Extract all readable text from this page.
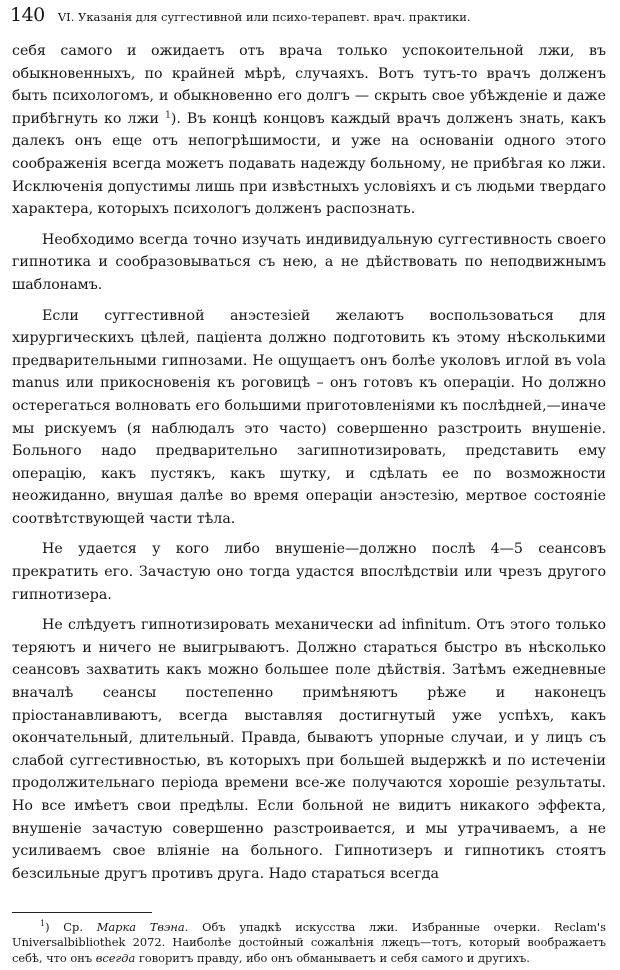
140 VI. Указанія для суггестивной или психо-терапевт. врач. практики.

себя самого и ожидаетъ отъ врача только успокоительной лжи, въ обыкновенныхъ, по крайней мѣрѣ, случаяхъ. Вотъ тутъ-то врачъ долженъ быть психологомъ, и обыкновенно его долгъ — скрыть свое убѣжденіе и даже прибѣгнуть ко лжи $^1$). Въ концѣ концовъ каждый врачъ долженъ знать, какъ далекъ онъ еще отъ непогрѣшимости, и уже на основаніи одного этого соображенія всегда можетъ подавать надежду больному, не прибѣгая ко лжи. Исключенія допустимы лишь при извѣстныхъ условіяхъ и съ людьми твердаго характера, которыхъ психологъ долженъ распознать.

Необходимо всегда точно изучать индивидуальную суггестивность своего гипнотика и сообразовываться съ нею, а не дѣйствовать по неподвижнымъ шаблонамъ.

Если суггестивной анэстезіей желаютъ воспользоваться для хирургическихъ цѣлей, паціента должно подготовить къ этому нѣсколькими предварительными гипнозами. Не ощущаетъ онъ болѣе уколовъ иглой въ vola manus или прикосновенія къ роговицѣ – онъ готовъ къ операціи. Но должно остерегаться волновать его большими приготовленіями къ послѣдней,—иначе мы рискуемъ (я наблюдалъ это часто) совершенно разстроить внушеніе. Больного надо предварительно загипнотизировать, представить ему операцію, какъ пустякъ, какъ шутку, и сдѣлать ее по возможности неожиданно, внушая далѣе во время операціи анэстезію, мертвое состояніе соотвѣтствующей части тѣла.

Не удается у кого либо внушеніе—должно послѣ 4—5 сеансовъ прекратить его. Зачастую оно тогда удастся впослѣдствіи или чрезъ другого гипнотизера.

Не слѣдуетъ гипнотизировать механически ad infinitum. Отъ этого только теряютъ и ничего не выигрываютъ. Должно стараться быстро въ нѣсколько сеансовъ захватить какъ можно большее поле дѣйствія. Затѣмъ ежедневные вначалѣ сеансы постепенно примѣняютъ рѣже и наконецъ пріостанавливаютъ, всегда выставляя достигнутый уже успѣхъ, какъ окончательный, длительный. Правда, бываютъ упорные случаи, и у лицъ съ слабой суггестивностью, въ которыхъ при большей выдержкѣ и по истеченіи продолжительнаго періода времени все-же получаются хорошіе результаты. Но все имѣетъ свои предѣлы. Если больной не видитъ никакого эффекта, внушеніе зачастую совершенно разстроивается, и мы утрачиваемъ, а не усиливаемъ свое вліяніе на больного. Гипнотизеръ и гипнотикъ стоятъ безсильные другъ противъ друга. Надо стараться всегда

$^1$) Ср. Марка Твэна. Объ упадкѣ искусства лжи. Избранные очерки. Reclam's Universalbibliothek 2072. Наиболѣе достойный сожалѣнія лжецъ—тотъ, который воображаетъ себѣ, что онъ всегда говоритъ правду, ибо онъ обманываетъ и себя самого и другихъ.
